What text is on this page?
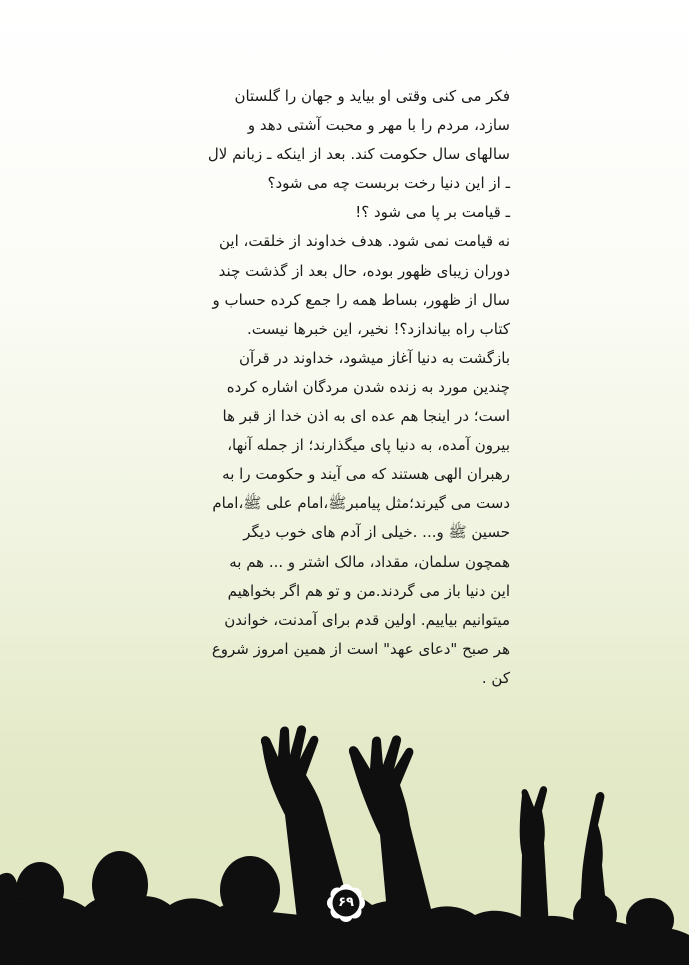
فکر می کنی وقتی او بیاید و جهان را گلستان

سازد، مردم را با مهر و محبت آشتی دهد و

سالهای سال حکومت کند. بعد از اینکه ـ زبانم لال

ـ از این دنیا رخت بربست چه می شود؟

ـ قیامت بر پا می شود ؟!

نه قیامت نمی شود. هدف خداوند از خلقت، این

دوران زیبای ظهور بوده، حال بعد از گذشت چند

سال از ظهور، بساط همه را جمع کرده حساب و

کتاب راه بیاندازد؟! نخیر، این خبرها نیست.

بازگشت به دنیا آغاز میشود، خداوند در قرآن

چندین مورد به زنده شدن مردگان اشاره کرده

است؛ در اینجا هم عده ای به اذن خدا از قبر ها

بیرون آمده، به دنیا پای میگذارند؛ از جمله آنها،

رهبران الهی هستند که می آیند و حکومت را به

دست می گیرند؛مثل پیامبرﷺ،امام علی ﷺ،امام

حسین ﷺ و... .خیلی از آدم های خوب دیگر

همچون سلمان، مقداد، مالک اشتر و ... هم به

این دنیا باز می گردند.من و تو هم اگر بخواهیم

میتوانیم بیاییم. اولین قدم برای آمدنت، خواندن

هر صبح "دعای عهد" است از همین امروز شروع

کن .

۶۹
